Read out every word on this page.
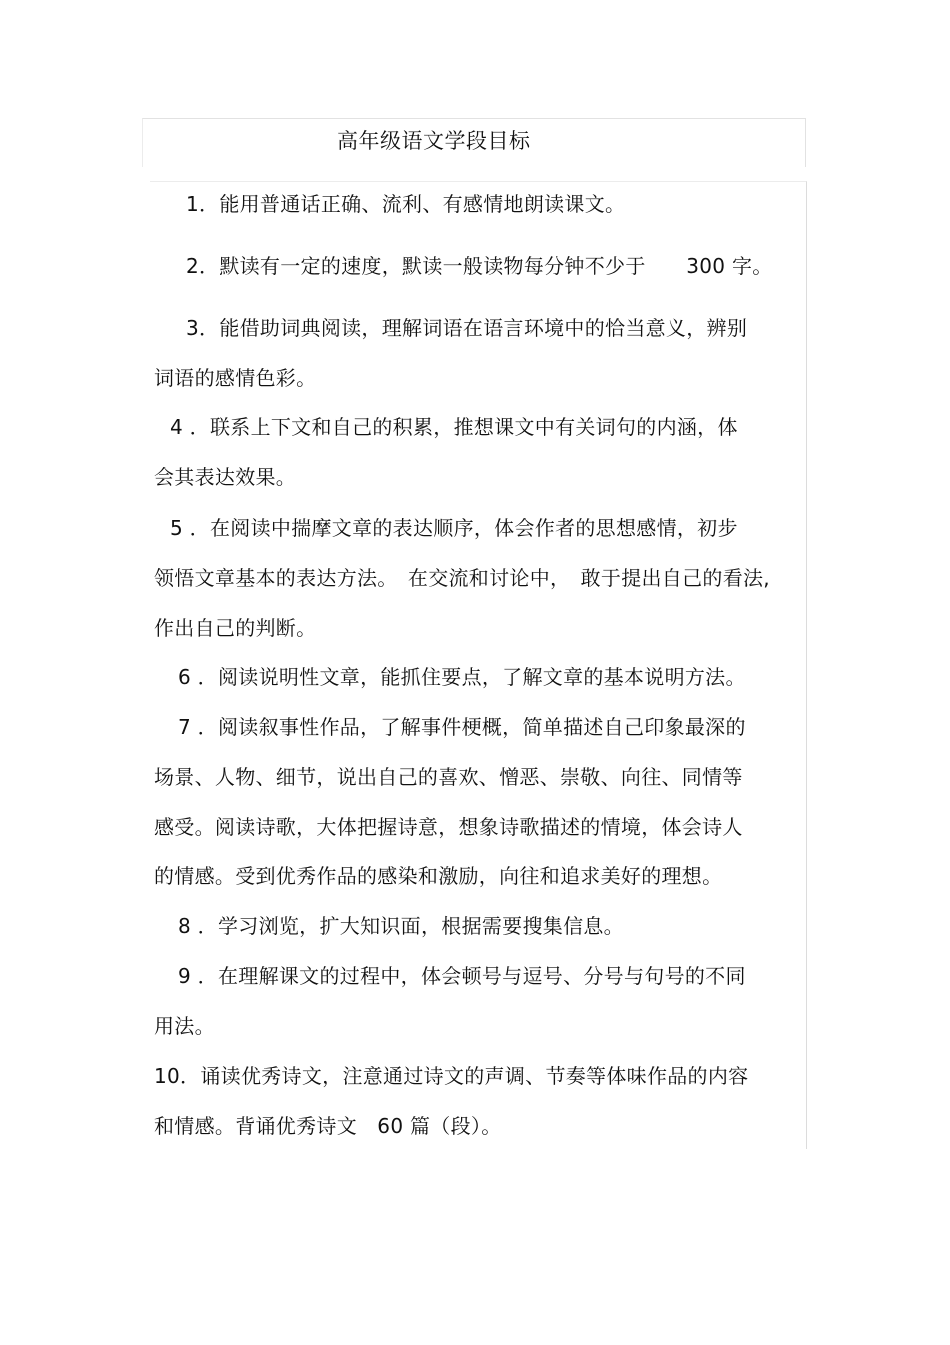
高年级语文学段目标
1．能用普通话正确、流利、有感情地朗读课文。
2．默读有一定的速度，默读一般读物每分钟不少于　　300 字。
3．能借助词典阅读，理解词语在语言环境中的恰当意义，辨别
词语的感情色彩。
4 ．联系上下文和自己的积累，推想课文中有关词句的内涵，体
会其表达效果。
5 ．在阅读中揣摩文章的表达顺序，体会作者的思想感情，初步
领悟文章基本的表达方法。　在交流和讨论中，　敢于提出自己的看法,
作出自己的判断。
6 ．阅读说明性文章，能抓住要点，了解文章的基本说明方法。
7 ．阅读叙事性作品，了解事件梗概，简单描述自己印象最深的
场景、人物、细节，说出自己的喜欢、憎恶、崇敬、向往、同情等
感受。阅读诗歌，大体把握诗意，想象诗歌描述的情境，体会诗人
的情感。受到优秀作品的感染和激励，向往和追求美好的理想。
8 ．学习浏览，扩大知识面，根据需要搜集信息。
9 ．在理解课文的过程中，体会顿号与逗号、分号与句号的不同
用法。
10．诵读优秀诗文，注意通过诗文的声调、节奏等体味作品的内容
和情感。背诵优秀诗文　60 篇（段）。
